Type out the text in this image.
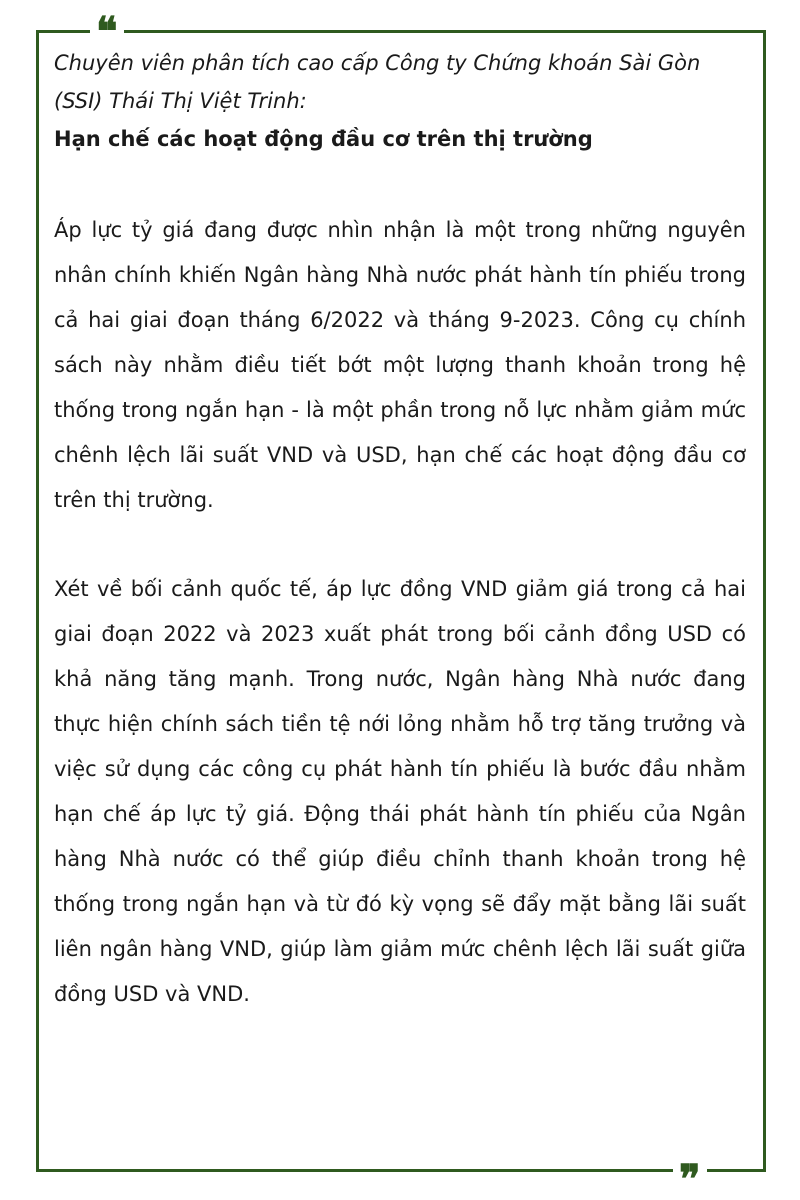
❝
❞

Chuyên viên phân tích cao cấp Công ty Chứng khoán Sài Gòn (SSI) Thái Thị Việt Trinh:

Hạn chế các hoạt động đầu cơ trên thị trường

Áp lực tỷ giá đang được nhìn nhận là một trong những nguyên nhân chính khiến Ngân hàng Nhà nước phát hành tín phiếu trong cả hai giai đoạn tháng 6/2022 và tháng 9-2023. Công cụ chính sách này nhằm điều tiết bớt một lượng thanh khoản trong hệ thống trong ngắn hạn - là một phần trong nỗ lực nhằm giảm mức chênh lệch lãi suất VND và USD, hạn chế các hoạt động đầu cơ trên thị trường.

Xét về bối cảnh quốc tế, áp lực đồng VND giảm giá trong cả hai giai đoạn 2022 và 2023 xuất phát trong bối cảnh đồng USD có khả năng tăng mạnh. Trong nước, Ngân hàng Nhà nước đang thực hiện chính sách tiền tệ nới lỏng nhằm hỗ trợ tăng trưởng và việc sử dụng các công cụ phát hành tín phiếu là bước đầu nhằm hạn chế áp lực tỷ giá. Động thái phát hành tín phiếu của Ngân hàng Nhà nước có thể giúp điều chỉnh thanh khoản trong hệ thống trong ngắn hạn và từ đó kỳ vọng sẽ đẩy mặt bằng lãi suất liên ngân hàng VND, giúp làm giảm mức chênh lệch lãi suất giữa đồng USD và VND.
